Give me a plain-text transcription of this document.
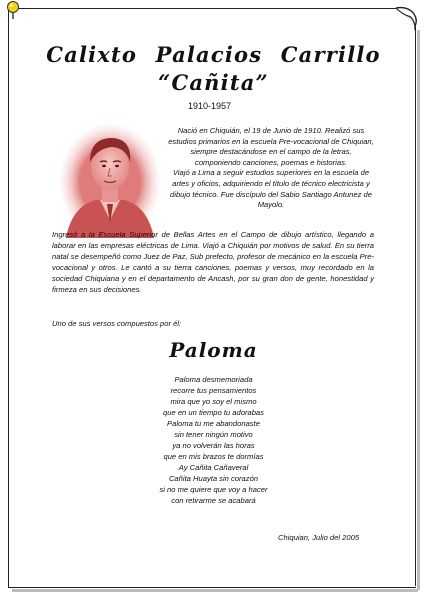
Calixto Palacios Carrillo
“Cañita”
1910-1957

Nació en Chiquián, el 19 de Junio de 1910. Realizó sus estudios primarios en la escuela Pre-vocacional de Chiquian, siempre destacándose en el campo de la letras, componiendo canciones, poemas e historias.

Viajó a Lima a seguir estudios superiores en la escuela de artes y oficios, adquiriendo el título de técnico electricista y dibujo técnico. Fue discípulo del Sabio Santiago Antunez de Mayolo.

Ingresó a la Escuela Superior de Bellas Artes en el Campo de dibujo artístico, llegando a laborar en las empresas eléctricas de Lima. Viajó a Chiquián por motivos de salud. En su tierra natal se desempeñó como Juez de Paz, Sub prefecto, profesor de mecánico en la escuela Pre-vocacional y otros. Le cantó a su tierra canciones, poemas y versos, muy recordado en la sociedad Chiquiana y en el departamento de Ancash, por su gran don de gente, honestidad y firmeza en sus decisiones.

Uno de sus versos compuestos por él:
Paloma
Paloma desmemoriada
recorre tus pensamientos
mira que yo soy el mismo
que en un tiempo tu adorabas
Paloma tu me abandonaste
sin tener ningún motivo
ya no volverán las horas
que en mis brazos te dormías
Ay Cañita Cañaveral
Cañita Huayta sin corazón
si no me quiere que voy a hacer
con retirarme se acabará
Chiquian, Julio del 2005
